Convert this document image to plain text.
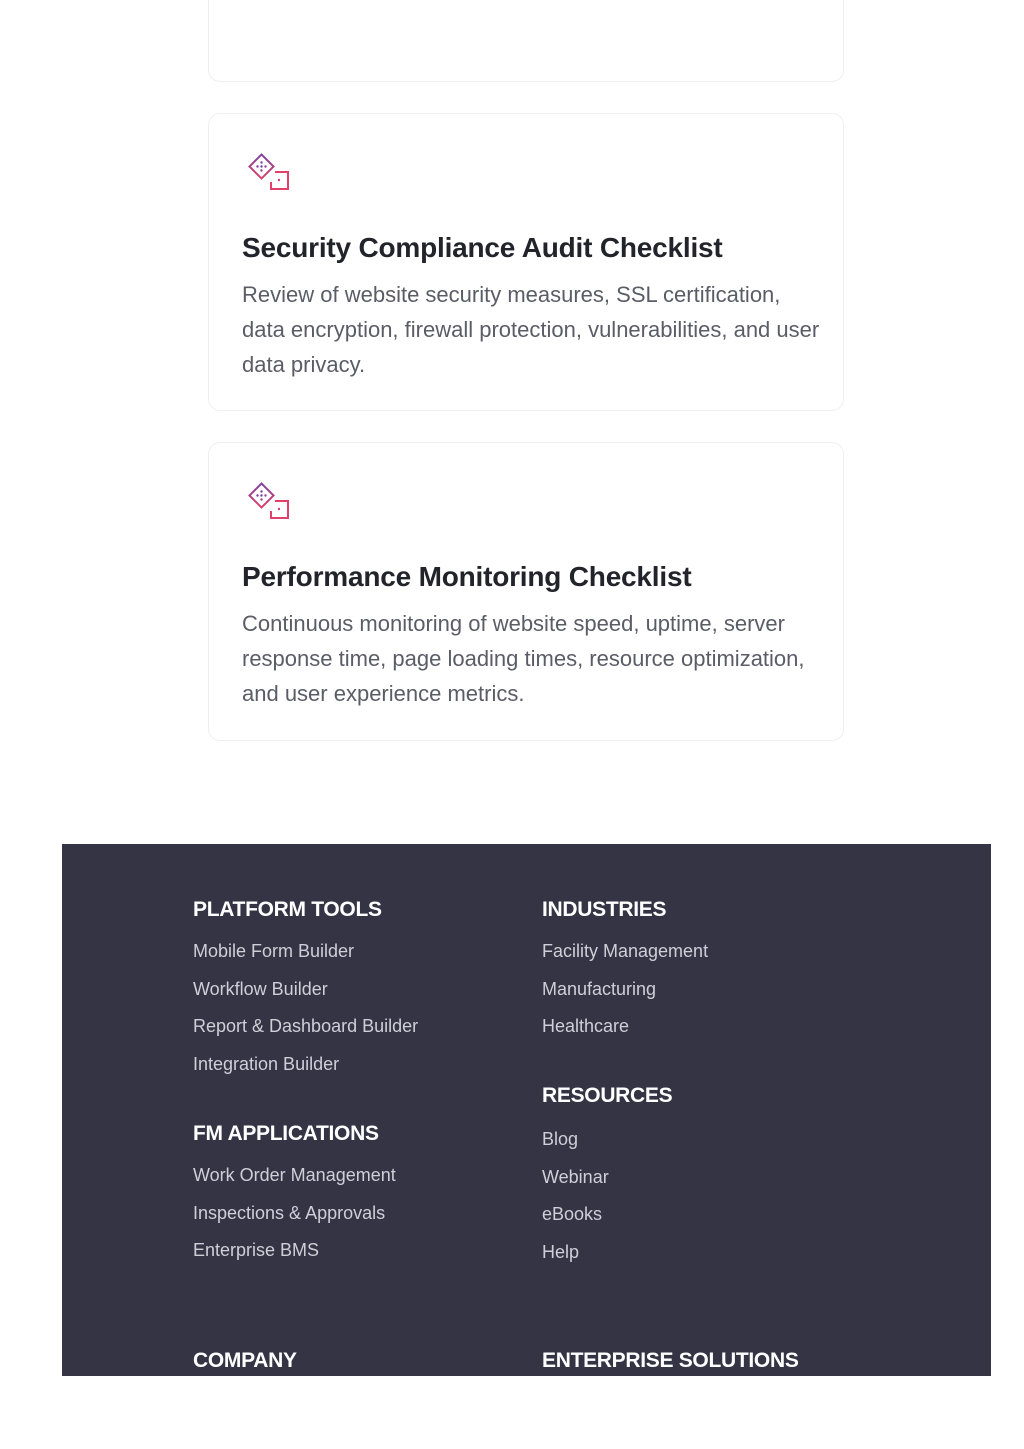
Security Compliance Audit Checklist

Review of website security measures, SSL certification, data encryption, firewall protection, vulnerabilities, and user data privacy.

Performance Monitoring Checklist

Continuous monitoring of website speed, uptime, server response time, page loading times, resource optimization, and user experience metrics.

PLATFORM TOOLS
Mobile Form Builder
Workflow Builder
Report & Dashboard Builder
Integration Builder
FM APPLICATIONS
Work Order Management
Inspections & Approvals
Enterprise BMS
COMPANY
INDUSTRIES
Facility Management
Manufacturing
Healthcare
RESOURCES
Blog
Webinar
eBooks
Help
ENTERPRISE SOLUTIONS
